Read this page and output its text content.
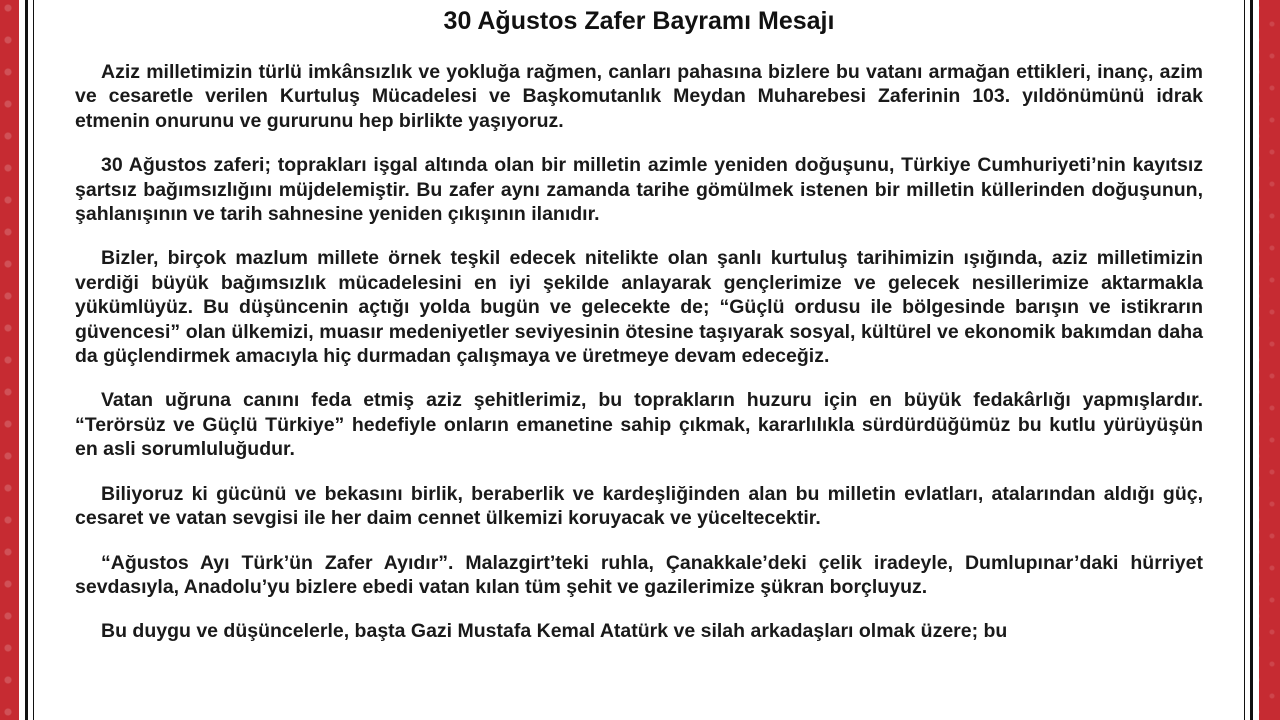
30 Ağustos Zafer Bayramı Mesajı

Aziz milletimizin türlü imkânsızlık ve yokluğa rağmen, canları pahasına bizlere bu vatanı armağan ettikleri, inanç, azim ve cesaretle verilen Kurtuluş Mücadelesi ve Başkomutanlık Meydan Muharebesi Zaferinin 103. yıldönümünü idrak etmenin onurunu ve gururunu hep birlikte yaşıyoruz.

30 Ağustos zaferi; toprakları işgal altında olan bir milletin azimle yeniden doğuşunu, Türkiye Cumhuriyeti’nin kayıtsız şartsız bağımsızlığını müjdelemiştir. Bu zafer aynı zamanda tarihe gömülmek istenen bir milletin küllerinden doğuşunun, şahlanışının ve tarih sahnesine yeniden çıkışının ilanıdır.

Bizler, birçok mazlum millete örnek teşkil edecek nitelikte olan şanlı kurtuluş tarihimizin ışığında, aziz milletimizin verdiği büyük bağımsızlık mücadelesini en iyi şekilde anlayarak gençlerimize ve gelecek nesillerimize aktarmakla yükümlüyüz. Bu düşüncenin açtığı yolda bugün ve gelecekte de; “Güçlü ordusu ile bölgesinde barışın ve istikrarın güvencesi” olan ülkemizi, muasır medeniyetler seviyesinin ötesine taşıyarak sosyal, kültürel ve ekonomik bakımdan daha da güçlendirmek amacıyla hiç durmadan çalışmaya ve üretmeye devam edeceğiz.

Vatan uğruna canını feda etmiş aziz şehitlerimiz, bu toprakların huzuru için en büyük fedakârlığı yapmışlardır. “Terörsüz ve Güçlü Türkiye” hedefiyle onların emanetine sahip çıkmak, kararlılıkla sürdürdüğümüz bu kutlu yürüyüşün en asli sorumluluğudur.

Biliyoruz ki gücünü ve bekasını birlik, beraberlik ve kardeşliğinden alan bu milletin evlatları, atalarından aldığı güç, cesaret ve vatan sevgisi ile her daim cennet ülkemizi koruyacak ve yüceltecektir.

“Ağustos Ayı Türk’ün Zafer Ayıdır”. Malazgirt’teki ruhla, Çanakkale’deki çelik iradeyle, Dumlupınar’daki hürriyet sevdasıyla, Anadolu’yu bizlere ebedi vatan kılan tüm şehit ve gazilerimize şükran borçluyuz.

Bu duygu ve düşüncelerle, başta Gazi Mustafa Kemal Atatürk ve silah arkadaşları olmak üzere; bu
